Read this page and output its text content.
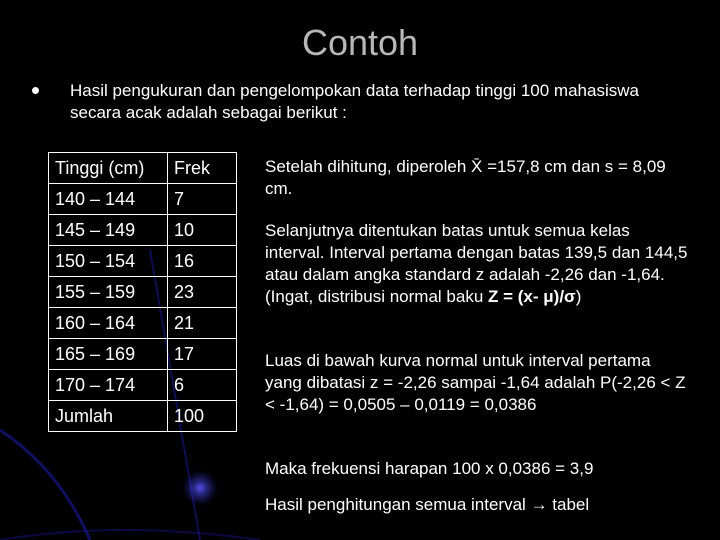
Contoh
Hasil pengukuran dan pengelompokan data terhadap tinggi 100 mahasiswa secara acak adalah sebagai berikut :
Tinggi (cm)	Frek
140 – 144	7
145 – 149	10
150 – 154	16
155 – 159	23
160 – 164	21
165 – 169	17
170 – 174	6
Jumlah	100
Setelah dihitung, diperoleh X̄ =157,8 cm dan s = 8,09 cm.
Selanjutnya ditentukan batas untuk semua kelas interval. Interval pertama dengan batas 139,5 dan 144,5 atau dalam angka standard z adalah -2,26 dan -1,64. (Ingat, distribusi normal baku Z = (x- μ)/σ)
Luas di bawah kurva normal untuk interval pertama yang dibatasi z = -2,26 sampai -1,64 adalah P(-2,26 < Z < -1,64) = 0,0505 – 0,0119 = 0,0386
Maka frekuensi harapan 100 x 0,0386 = 3,9
Hasil penghitungan semua interval → tabel
